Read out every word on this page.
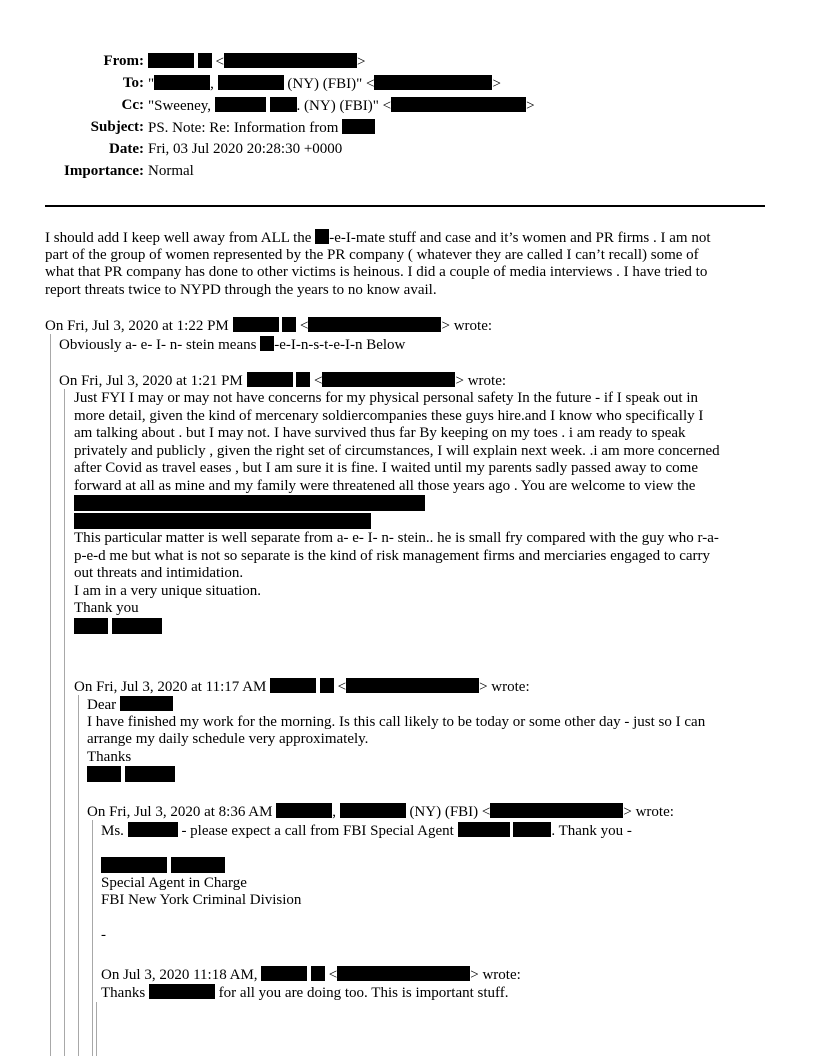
From:	<	>
To: "	,	(NY) (FBI)" <	>
Cc: "Sweeney,	. (NY) (FBI)" <	>
Subject: PS. Note: Re: Information from
Date: Fri, 03 Jul 2020 20:28:30 +0000
Importance: Normal

I should add I keep well away from ALL the -e-I-mate stuff and case and it’s women and PR firms . I am not

part of the group of women represented by the PR company ( whatever they are called I can’t recall) some of

what that PR company has done to other victims is heinous. I did a couple of media interviews . I have tried to

report threats twice to NYPD through the years to no know avail.

On Fri, Jul 3, 2020 at 1:22 PM	<	> wrote:

Obviously a- e- I- n- stein means -e-I-n-s-t-e-I-n Below

On Fri, Jul 3, 2020 at 1:21 PM	<	> wrote:

Just FYI I may or may not have concerns for my physical personal safety In the future - if I speak out in

more detail, given the kind of mercenary soldiercompanies these guys hire.and I know who specifically I

am talking about . but I may not. I have survived thus far By keeping on my toes . i am ready to speak

privately and publicly , given the right set of circumstances, I will explain next week. .i am more concerned

after Covid as travel eases , but I am sure it is fine. I waited until my parents sadly passed away to come

forward at all as mine and my family were threatened all those years ago . You are welcome to view the

This particular matter is well separate from a- e- I- n- stein.. he is small fry compared with the guy who r-a-

p-e-d me but what is not so separate is the kind of risk management firms and merciaries engaged to carry

out threats and intimidation.

I am in a very unique situation.

Thank you

On Fri, Jul 3, 2020 at 11:17 AM	<	> wrote:

Dear

I have finished my work for the morning. Is this call likely to be today or some other day - just so I can

arrange my daily schedule very approximately.

Thanks

On Fri, Jul 3, 2020 at 8:36 AM	,	(NY) (FBI) <	> wrote:

Ms.	- please expect a call from FBI Special Agent	. Thank you -

Special Agent in Charge

FBI New York Criminal Division

-

On Jul 3, 2020 11:18 AM,	<	> wrote:

Thanks	for all you are doing too. This is important stuff.
